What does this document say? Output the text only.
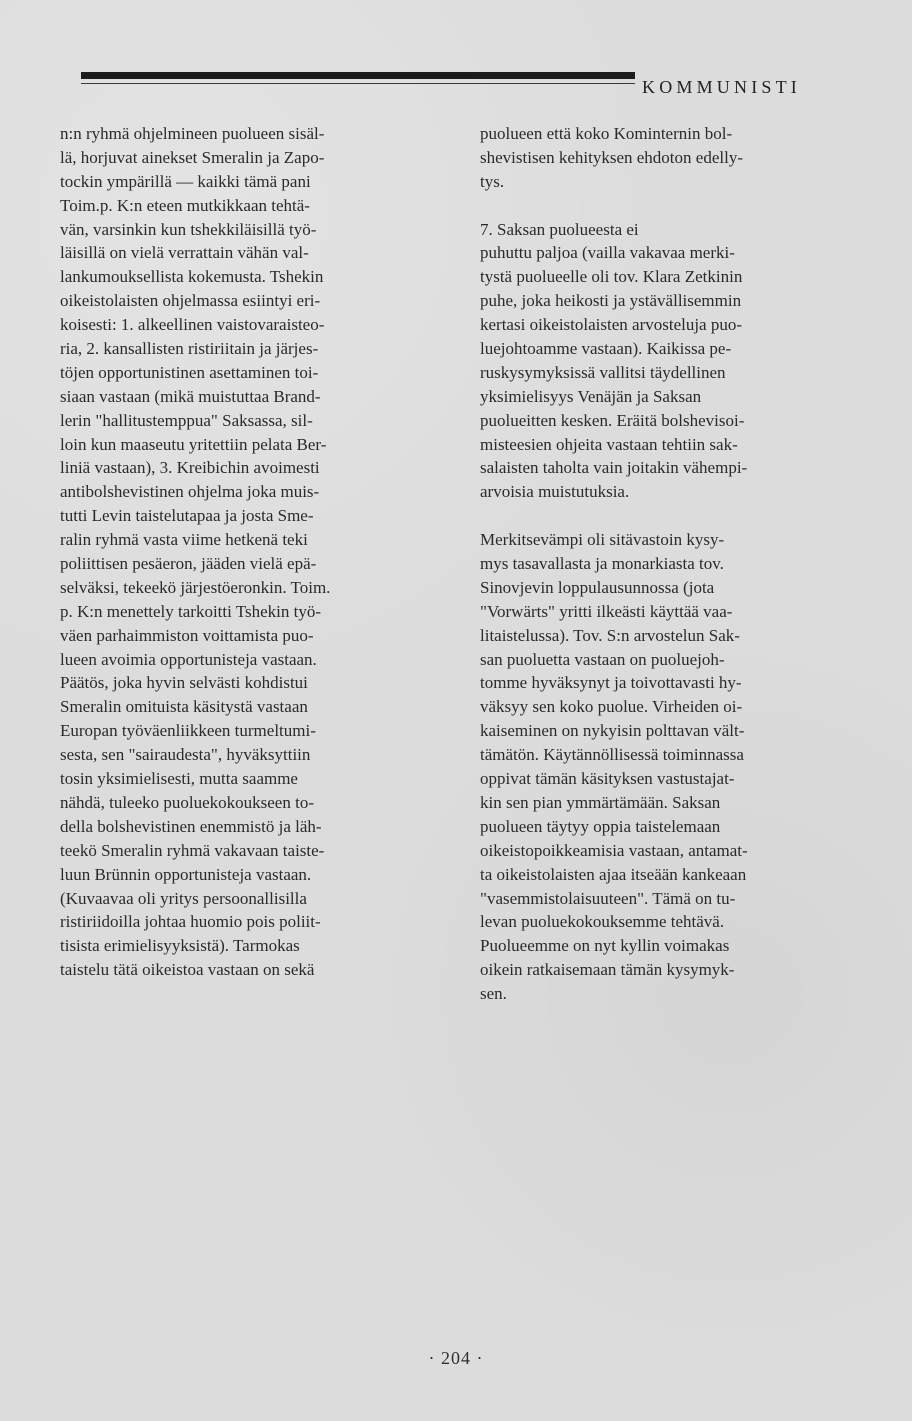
KOMMUNISTI
n:n ryhmä ohjelmineen puolueen sisäl-
lä, horjuvat ainekset Smeralin ja Zapo-
tockin ympärillä — kaikki tämä pani
Toim.p. K:n eteen mutkikkaan tehtä-
vän, varsinkin kun tshekkiläisillä työ-
läisillä on vielä verrattain vähän val-
lankumouksellista kokemusta. Tshekin
oikeistolaisten ohjelmassa esiintyi eri-
koisesti: 1. alkeellinen vaistovaraisteo-
ria, 2. kansallisten ristiriitain ja järjes-
töjen opportunistinen asettaminen toi-
siaan vastaan (mikä muistuttaa Brand-
lerin "hallitustemppua" Saksassa, sil-
loin kun maaseutu yritettiin pelata Ber-
liniä vastaan), 3. Kreibichin avoimesti
antibolshevistinen ohjelma joka muis-
tutti Levin taistelutapaa ja josta Sme-
ralin ryhmä vasta viime hetkenä teki
poliittisen pesäeron, jääden vielä epä-
selväksi, tekeekö järjestöeronkin. Toim.
p. K:n menettely tarkoitti Tshekin työ-
väen parhaimmiston voittamista puo-
lueen avoimia opportunisteja vastaan.
Päätös, joka hyvin selvästi kohdistui
Smeralin omituista käsitystä vastaan
Europan työväenliikkeen turmeltumi-
sesta, sen "sairaudesta", hyväksyttiin
tosin yksimielisesti, mutta saamme
nähdä, tuleeko puoluekokoukseen to-
della bolshevistinen enemmistö ja läh-
teekö Smeralin ryhmä vakavaan taiste-
luun Brünnin opportunisteja vastaan.
(Kuvaavaa oli yritys persoonallisilla
ristiriidoilla johtaa huomio pois poliit-
tisista erimielisyyksistä). Tarmokas
taistelu tätä oikeistoa vastaan on sekä
puolueen että koko Kominternin bol-
shevistisen kehityksen ehdoton edelly-
tys.
7. Saksan puolueesta ei
puhuttu paljoa (vailla vakavaa merki-
tystä puolueelle oli tov. Klara Zetkinin
puhe, joka heikosti ja ystävällisemmin
kertasi oikeistolaisten arvosteluja puo-
luejohtoamme vastaan). Kaikissa pe-
ruskysymyksissä vallitsi täydellinen
yksimielisyys Venäjän ja Saksan
puolueitten kesken. Eräitä bolshevisoi-
misteesien ohjeita vastaan tehtiin sak-
salaisten taholta vain joitakin vähempi-
arvoisia muistutuksia.
Merkitsevämpi oli sitävastoin kysy-
mys tasavallasta ja monarkiasta tov.
Sinovjevin loppulausunnossa (jota
"Vorwärts" yritti ilkeästi käyttää vaa-
litaistelussa). Tov. S:n arvostelun Sak-
san puoluetta vastaan on puoluejoh-
tomme hyväksynyt ja toivottavasti hy-
väksyy sen koko puolue. Virheiden oi-
kaiseminen on nykyisin polttavan vält-
tämätön. Käytännöllisessä toiminnassa
oppivat tämän käsityksen vastustajat-
kin sen pian ymmärtämään. Saksan
puolueen täytyy oppia taistelemaan
oikeistopoikkeamisia vastaan, antamat-
ta oikeistolaisten ajaa itseään kankeaan
"vasemmistolaisuuteen". Tämä on tu-
levan puoluekokouksemme tehtävä.
Puolueemme on nyt kyllin voimakas
oikein ratkaisemaan tämän kysymyk-
sen.
· 204 ·
